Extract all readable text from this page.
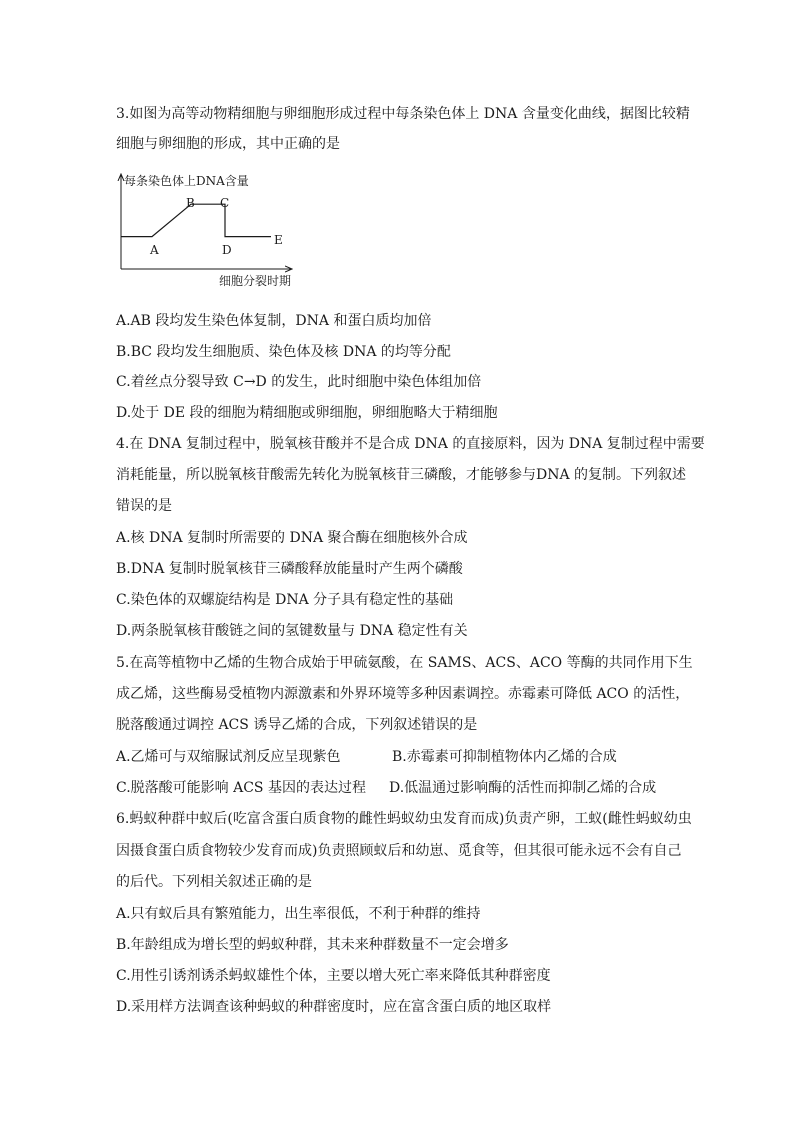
3.如图为高等动物精细胞与卵细胞形成过程中每条染色体上 DNA 含量变化曲线，据图比较精
细胞与卵细胞的形成，其中正确的是
每条染色体上DNA含量
细胞分裂时期
A
B C
D
E
A.AB 段均发生染色体复制，DNA 和蛋白质均加倍
B.BC 段均发生细胞质、染色体及核 DNA 的均等分配
C.着丝点分裂导致 C→D 的发生，此时细胞中染色体组加倍
D.处于 DE 段的细胞为精细胞或卵细胞，卵细胞略大于精细胞
4.在 DNA 复制过程中，脱氧核苷酸并不是合成 DNA 的直接原料，因为 DNA 复制过程中需要
消耗能量，所以脱氧核苷酸需先转化为脱氧核苷三磷酸，才能够参与DNA 的复制。下列叙述
错误的是
A.核 DNA 复制时所需要的 DNA 聚合酶在细胞核外合成
B.DNA 复制时脱氧核苷三磷酸释放能量时产生两个磷酸
C.染色体的双螺旋结构是 DNA 分子具有稳定性的基础
D.两条脱氧核苷酸链之间的氢键数量与 DNA 稳定性有关
5.在高等植物中乙烯的生物合成始于甲硫氨酸，在 SAMS、ACS、ACO 等酶的共同作用下生
成乙烯，这些酶易受植物内源激素和外界环境等多种因素调控。赤霉素可降低 ACO 的活性，
脱落酸通过调控 ACS 诱导乙烯的合成，下列叙述错误的是
A.乙烯可与双缩脲试剂反应呈现紫色	B.赤霉素可抑制植物体内乙烯的合成
C.脱落酸可能影响 ACS 基因的表达过程 D.低温通过影响酶的活性而抑制乙烯的合成
6.蚂蚁种群中蚁后(吃富含蛋白质食物的雌性蚂蚁幼虫发育而成)负责产卵，工蚁(雌性蚂蚁幼虫
因摄食蛋白质食物较少发育而成)负责照顾蚁后和幼崽、觅食等，但其很可能永远不会有自己
的后代。下列相关叙述正确的是
A.只有蚁后具有繁殖能力，出生率很低，不利于种群的维持
B.年龄组成为增长型的蚂蚁种群，其未来种群数量不一定会增多
C.用性引诱剂诱杀蚂蚁雄性个体，主要以增大死亡率来降低其种群密度
D.采用样方法调查该种蚂蚁的种群密度时，应在富含蛋白质的地区取样
